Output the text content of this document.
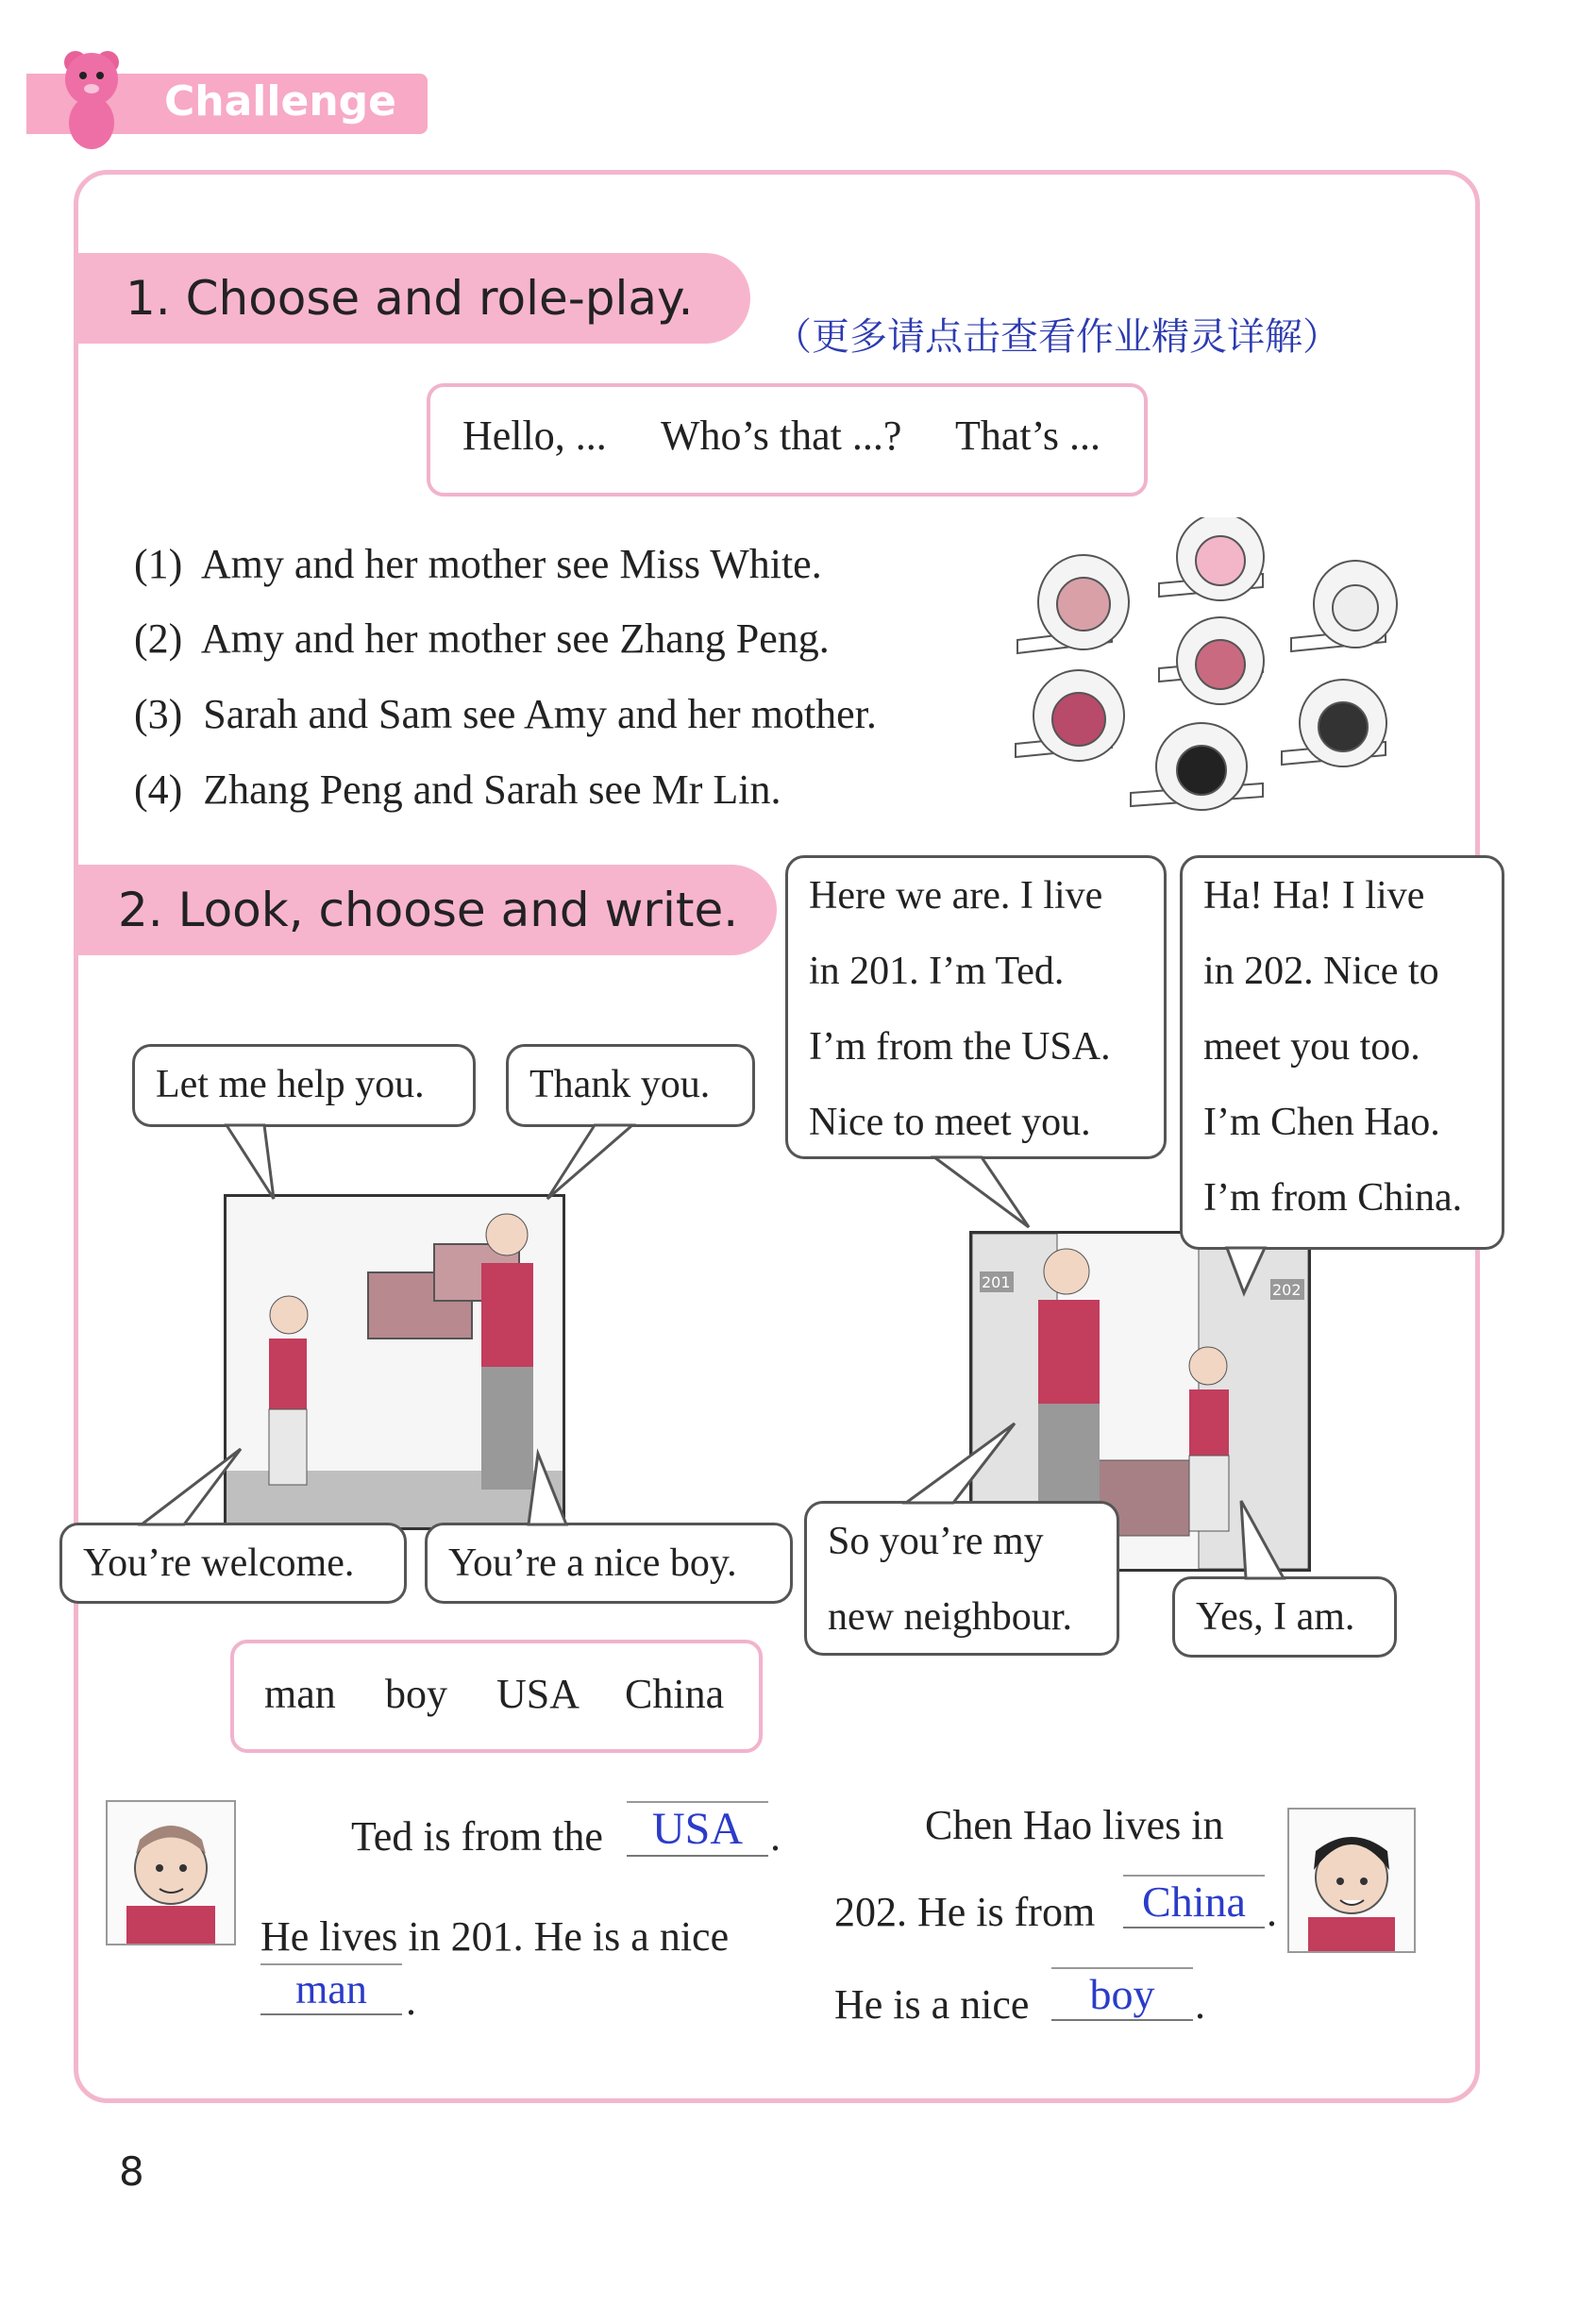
Challenge
1. Choose and role-play.
（更多请点击查看作业精灵详解）
Hello, ... Who’s that ...? That’s ...
(1)  Amy and her mother see Miss White.
(2)  Amy and her mother see Zhang Peng.
(3)  Sarah and Sam see Amy and her mother.
(4)  Zhang Peng and Sarah see Mr Lin.
2. Look, choose and write.
201	202
Let me help you.	Thank you.
You’re welcome.	You’re a nice boy.
Here we are. I live
in 201. I’m Ted.
I’m from the USA.
Nice to meet you.
Ha! Ha! I live
in 202. Nice to
meet you too.
I’m Chen Hao.
I’m from China.
So you’re my
new neighbour.	Yes, I am.
man boy USA China
Ted is from the	USA .
He lives in 201. He is a nice
man .
Chen Hao lives in
202. He is from	China .
He is a nice	boy .
8
